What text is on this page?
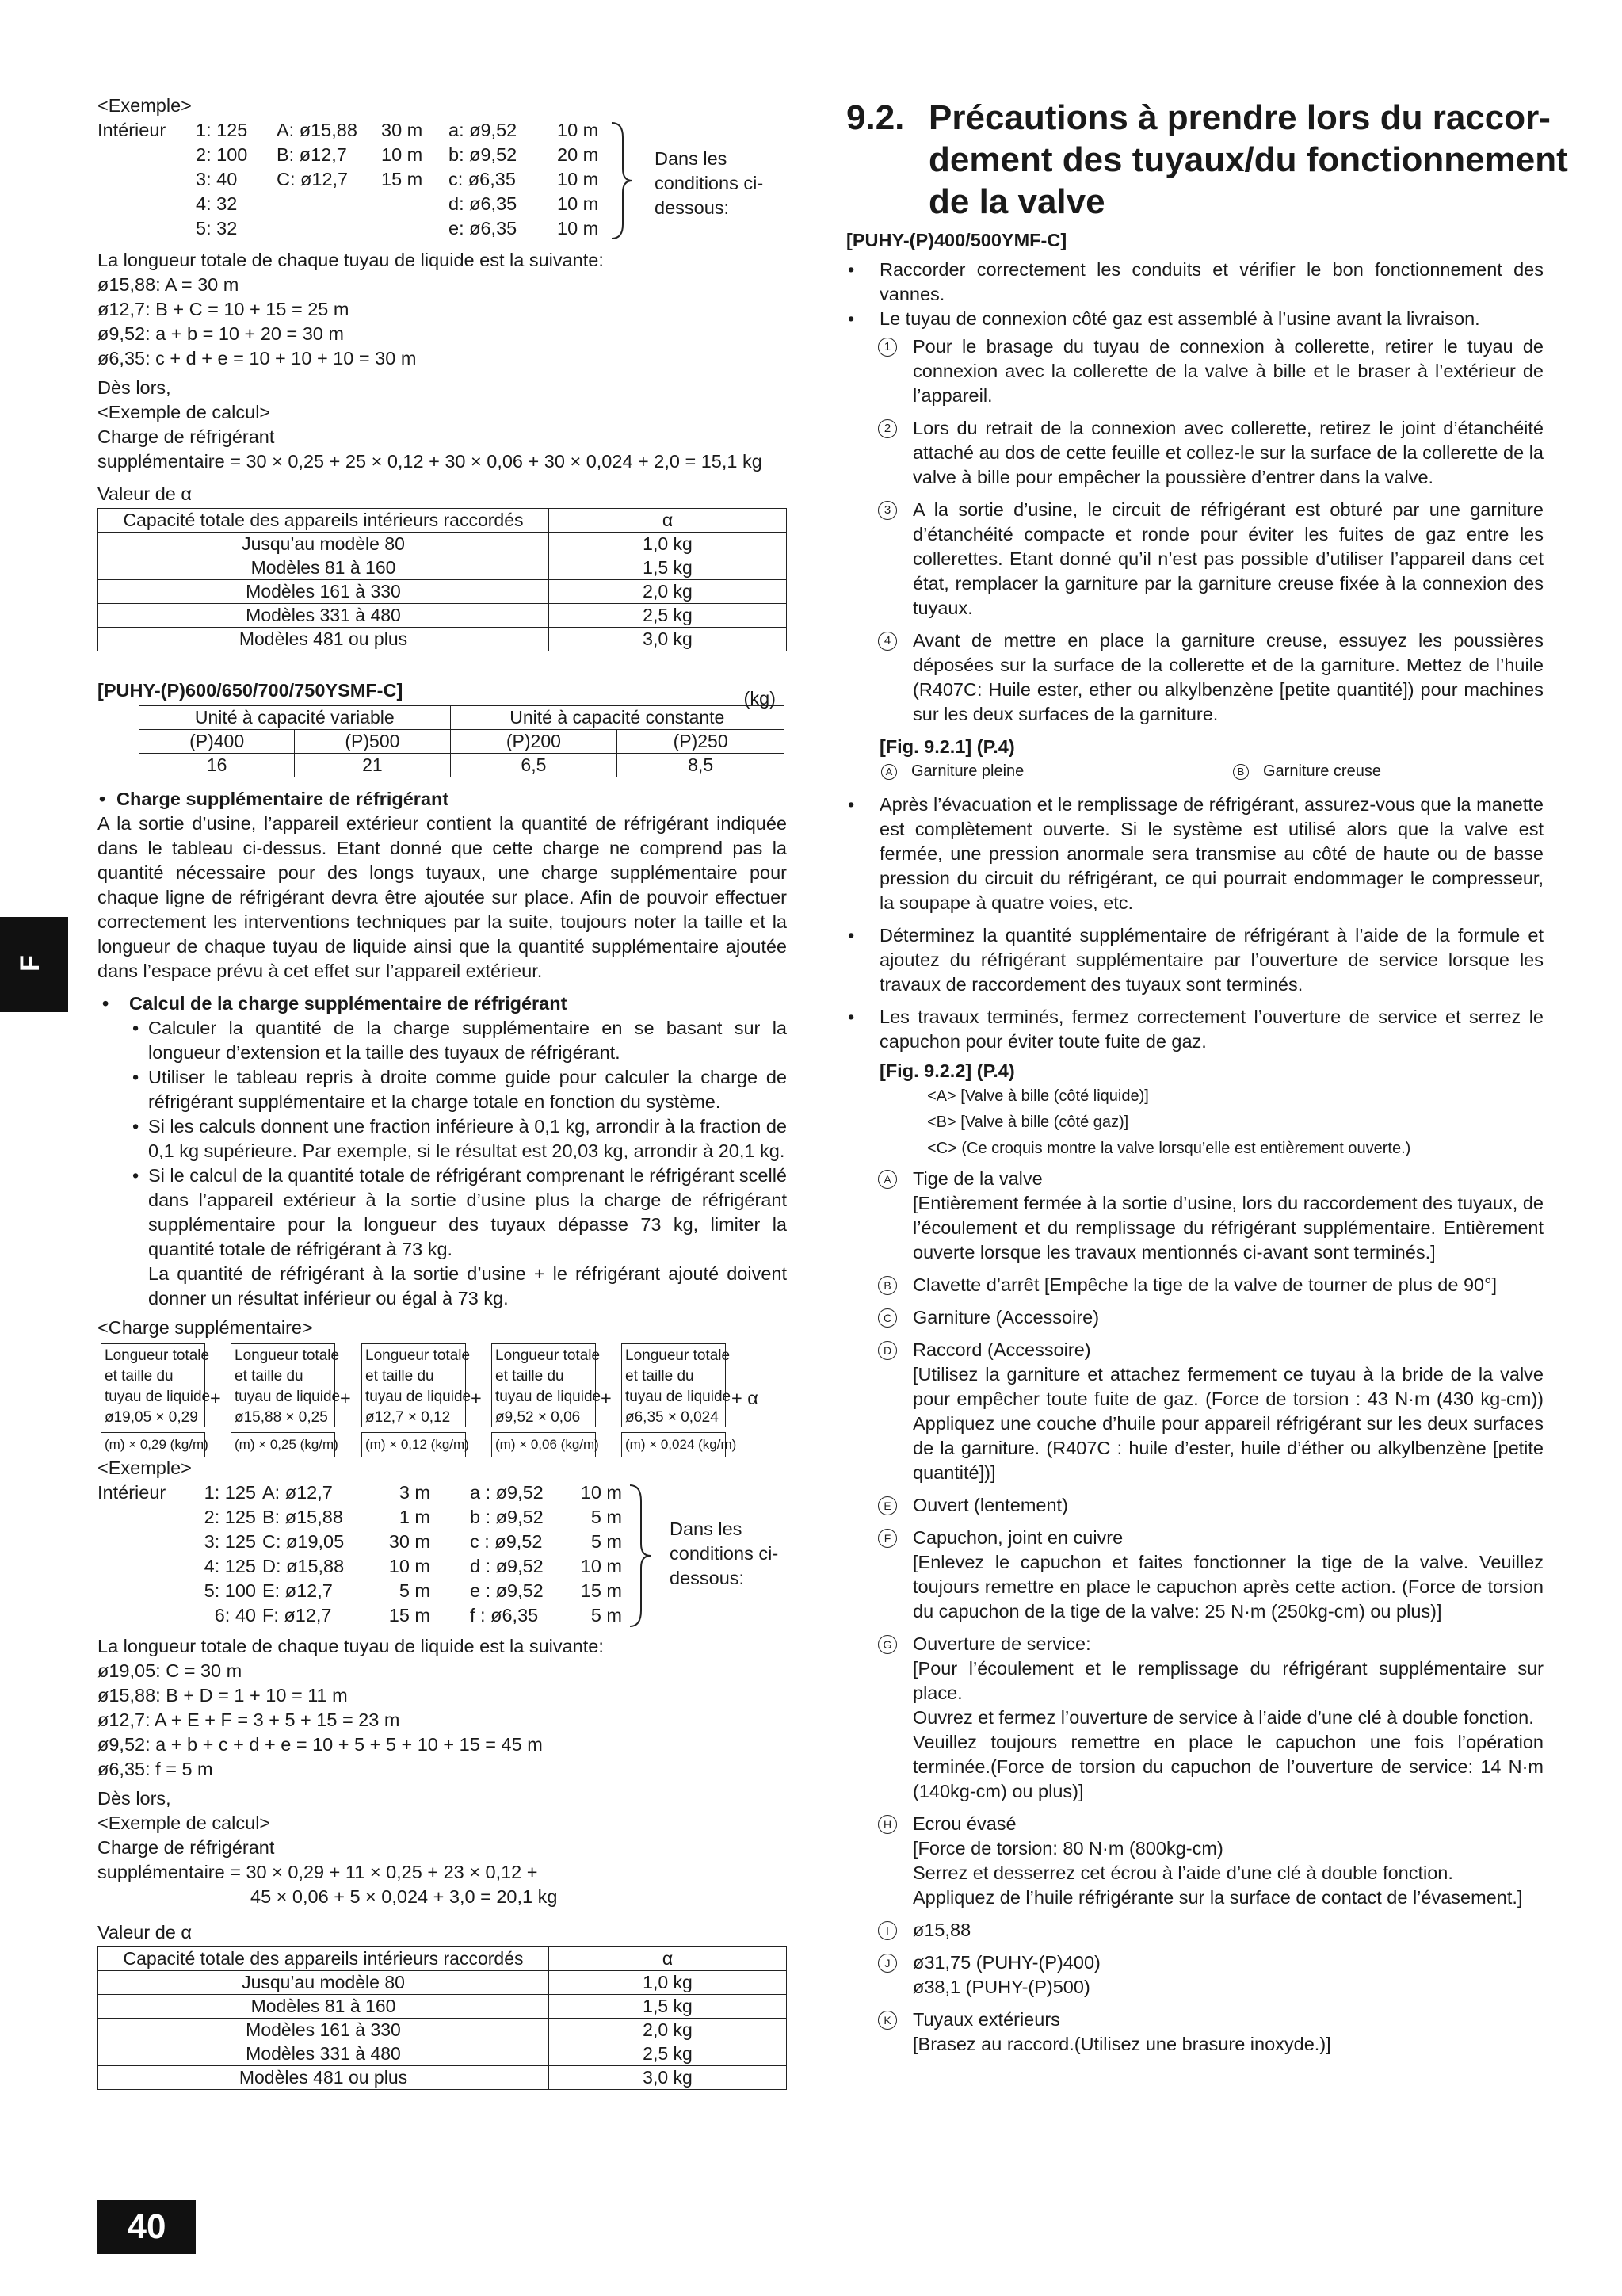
F
40
<Exemple>
Intérieur 1: 125 A: ø15,88 30 m a: ø9,52 10 m
2: 100 B: ø12,7 10 m b: ø9,52 20 m
3: 40 C: ø12,7 15 m c: ø6,35 10 m
4: 32	d: ø6,35 10 m
5: 32	e: ø6,35 10 m
Dans les
conditions ci-
dessous:
La longueur totale de chaque tuyau de liquide est la suivante:
ø15,88: A = 30 m
ø12,7: B + C = 10 + 15 = 25 m
ø9,52: a + b = 10 + 20 = 30 m
ø6,35: c + d + e = 10 + 10 + 10 = 30 m
Dès lors,
<Exemple de calcul>
Charge de réfrigérant
supplémentaire = 30 × 0,25 + 25 × 0,12 + 30 × 0,06 + 30 × 0,024 + 2,0 = 15,1 kg
Valeur de α
Capacité totale des appareils intérieurs raccordés	α
Jusqu’au modèle 80	1,0 kg
Modèles 81 à 160	1,5 kg
Modèles 161 à 330	2,0 kg
Modèles 331 à 480	2,5 kg
Modèles 481 ou plus	3,0 kg
[PUHY-(P)600/650/700/750YSMF-C]	(kg)
Unité à capacité variable		Unité à capacité constante	
(P)400	(P)500	(P)200	(P)250
16	21	6,5	8,5
• Charge supplémentaire de réfrigérant

A la sortie d’usine, l’appareil extérieur contient la quantité de réfrigérant indiquée dans le tableau ci-dessus. Etant donné que cette charge ne comprend pas la quantité nécessaire pour des longs tuyaux, une charge supplémentaire pour chaque ligne de réfrigérant devra être ajoutée sur place. Afin de pouvoir effectuer correctement les interventions techniques par la suite, toujours noter la taille et la longueur de chaque tuyau de liquide ainsi que la quantité supplémentaire ajoutée dans l’espace prévu à cet effet sur l’appareil extérieur.

• Calcul de la charge supplémentaire de réfrigérant
• Calculer la quantité de la charge supplémentaire en se basant sur la longueur d’extension et la taille des tuyaux de réfrigérant.
• Utiliser le tableau repris à droite comme guide pour calculer la charge de réfrigérant supplémentaire et la charge totale en fonction du système.
• Si les calculs donnent une fraction inférieure à 0,1 kg, arrondir à la fraction de 0,1 kg supérieure. Par exemple, si le résultat est 20,03 kg, arrondir à 20,1 kg.
• Si le calcul de la quantité totale de réfrigérant comprenant le réfrigérant scellé dans l’appareil extérieur à la sortie d’usine plus la charge de réfrigérant supplémentaire pour la longueur des tuyaux dépasse 73 kg, limiter la quantité totale de réfrigérant à 73 kg.
La quantité de réfrigérant à la sortie d’usine + le réfrigérant ajouté doivent donner un résultat inférieur ou égal à 73 kg.
<Charge supplémentaire>
Longueur totale
et taille du
tuyau de liquide
ø19,05 × 0,29
(m) × 0,29 (kg/m)
+
Longueur totale
et taille du
tuyau de liquide
ø15,88 × 0,25
(m) × 0,25 (kg/m)
+
Longueur totale
et taille du
tuyau de liquide
ø12,7 × 0,12
(m) × 0,12 (kg/m)
+
Longueur totale
et taille du
tuyau de liquide
ø9,52 × 0,06
(m) × 0,06 (kg/m)
+
Longueur totale
et taille du
tuyau de liquide
ø6,35 × 0,024
(m) × 0,024 (kg/m)
+ α
<Exemple>
Intérieur	1: 125 A: ø12,7	3 m a : ø9,52	10 m
2: 125 B: ø15,88	1 m b : ø9,52	5 m
3: 125 C: ø19,05	30 m c : ø9,52	5 m
4: 125 D: ø15,88	10 m d : ø9,52	10 m
5: 100 E: ø12,7	5 m e : ø9,52	15 m
6: 40 F: ø12,7	15 m f : ø6,35	5 m
Dans les
conditions ci-
dessous:
La longueur totale de chaque tuyau de liquide est la suivante:
ø19,05: C = 30 m
ø15,88: B + D = 1 + 10 = 11 m
ø12,7: A + E + F = 3 + 5 + 15 = 23 m
ø9,52: a + b + c + d + e = 10 + 5 + 5 + 10 + 15 = 45 m
ø6,35: f = 5 m
Dès lors,
<Exemple de calcul>
Charge de réfrigérant
supplémentaire = 30 × 0,29 + 11 × 0,25 + 23 × 0,12 +
45 × 0,06 + 5 × 0,024 + 3,0 = 20,1 kg
Valeur de α
Capacité totale des appareils intérieurs raccordés	α
Jusqu’au modèle 80	1,0 kg
Modèles 81 à 160	1,5 kg
Modèles 161 à 330	2,0 kg
Modèles 331 à 480	2,5 kg
Modèles 481 ou plus	3,0 kg
9.2. Précautions à prendre lors du raccor-
dement des tuyaux/du fonctionnement
de la valve
[PUHY-(P)400/500YMF-C]
• Raccorder correctement les conduits et vérifier le bon fonctionnement des vannes.
• Le tuyau de connexion côté gaz est assemblé à l’usine avant la livraison.
1	Pour le brasage du tuyau de connexion à collerette, retirer le tuyau de connexion avec la collerette de la valve à bille et le braser à l’extérieur de l’appareil.
2	Lors du retrait de la connexion avec collerette, retirez le joint d’étanchéité attaché au dos de cette feuille et collez-le sur la surface de la collerette de la valve à bille pour empêcher la poussière d’entrer dans la valve.
3	A la sortie d’usine, le circuit de réfrigérant est obturé par une garniture d’étanchéité compacte et ronde pour éviter les fuites de gaz entre les collerettes. Etant donné qu’il n’est pas possible d’utiliser l’appareil dans cet état, remplacer la garniture par la garniture creuse fixée à la connexion des tuyaux.
4	Avant de mettre en place la garniture creuse, essuyez les poussières déposées sur la surface de la collerette et de la garniture. Mettez de l’huile (R407C: Huile ester, ether ou alkylbenzène [petite quantité]) pour machines sur les deux surfaces de la garniture.
[Fig. 9.2.1] (P.4)
A Garniture pleine	B Garniture creuse
• Après l’évacuation et le remplissage de réfrigérant, assurez-vous que la manette est complètement ouverte. Si le système est utilisé alors que la valve est fermée, une pression anormale sera transmise au côté de haute ou de basse pression du circuit du réfrigérant, ce qui pourrait endommager le compresseur, la soupape à quatre voies, etc.
• Déterminez la quantité supplémentaire de réfrigérant à l’aide de la formule et ajoutez du réfrigérant supplémentaire par l’ouverture de service lorsque les travaux de raccordement des tuyaux sont terminés.
• Les travaux terminés, fermez correctement l’ouverture de service et serrez le capuchon pour éviter toute fuite de gaz.
[Fig. 9.2.2] (P.4)
<A> [Valve à bille (côté liquide)]
<B> [Valve à bille (côté gaz)]
<C> (Ce croquis montre la valve lorsqu’elle est entièrement ouverte.)
A	Tige de la valve
[Entièrement fermée à la sortie d’usine, lors du raccordement des tuyaux, de l’écoulement et du remplissage du réfrigérant supplémentaire. Entièrement ouverte lorsque les travaux mentionnés ci-avant sont terminés.]
B	Clavette d’arrêt [Empêche la tige de la valve de tourner de plus de 90°]
C Garniture (Accessoire)
D Raccord (Accessoire)
[Utilisez la garniture et attachez fermement ce tuyau à la bride de la valve pour empêcher toute fuite de gaz. (Force de torsion : 43 N·m (430 kg-cm)) Appliquez une couche d’huile pour appareil réfrigérant sur les deux surfaces de la garniture. (R407C : huile d’ester, huile d’éther ou alkylbenzène [petite quantité])]
E	Ouvert (lentement)
F	Capuchon, joint en cuivre
[Enlevez le capuchon et faites fonctionner la tige de la valve. Veuillez toujours remettre en place le capuchon après cette action. (Force de torsion du capuchon de la tige de la valve: 25 N·m (250kg-cm) ou plus)]
G Ouverture de service:
[Pour l’écoulement et le remplissage du réfrigérant supplémentaire sur place.
Ouvrez et fermez l’ouverture de service à l’aide d’une clé à double fonction.
Veuillez toujours remettre en place le capuchon une fois l’opération terminée.(Force de torsion du capuchon de l’ouverture de service: 14 N·m (140kg-cm) ou plus)]
H Ecrou évasé
[Force de torsion: 80 N·m (800kg-cm)
Serrez et desserrez cet écrou à l’aide d’une clé à double fonction.
Appliquez de l’huile réfrigérante sur la surface de contact de l’évasement.]
I	ø15,88
J	ø31,75 (PUHY-(P)400)
ø38,1 (PUHY-(P)500)
K	Tuyaux extérieurs
[Brasez au raccord.(Utilisez une brasure inoxyde.)]
